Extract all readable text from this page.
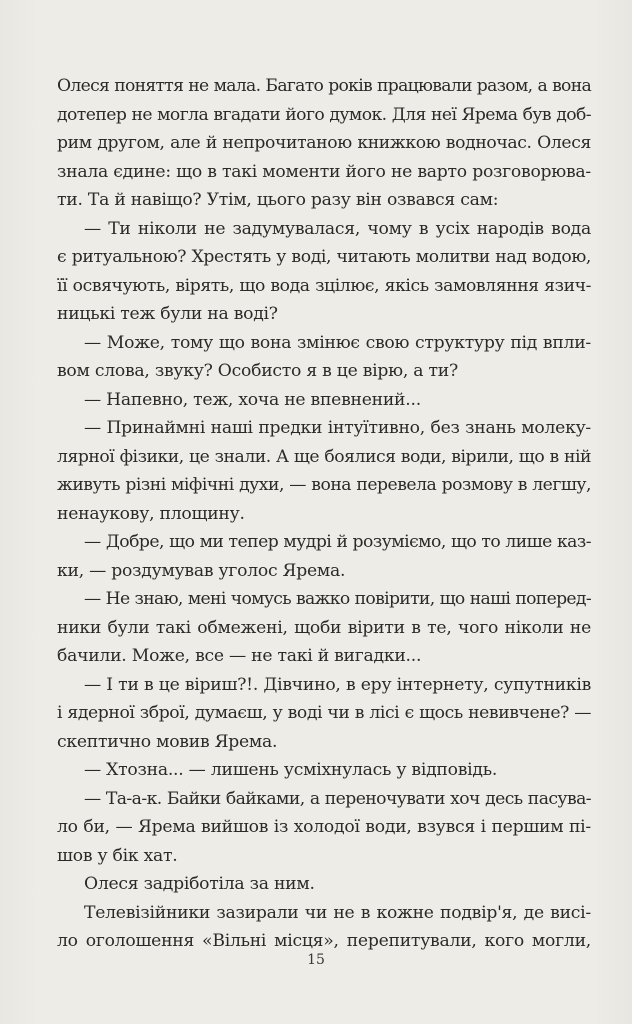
Олеся поняття не мала. Багато років працювали разом, а вона
дотепер не могла вгадати його думок. Для неї Ярема був доб-
рим другом, але й непрочитаною книжкою водночас. Олеся
знала єдине: що в такі моменти його не варто розговорюва-
ти. Та й навіщо? Утім, цього разу він озвався сам:
— Ти ніколи не задумувалася, чому в усіх народів вода
є ритуальною? Хрестять у воді, читають молитви над водою,
її освячують, вірять, що вода зцілює, якісь замовляння язич-
ницькі теж були на воді?
— Може, тому що вона змінює свою структуру під впли-
вом слова, звуку? Особисто я в це вірю, а ти?
— Напевно, теж, хоча не впевнений...
— Принаймні наші предки інтуїтивно, без знань молеку-
лярної фізики, це знали. А ще боялися води, вірили, що в ній
живуть різні міфічні духи, — вона перевела розмову в легшу,
ненаукову, площину.
— Добре, що ми тепер мудрі й розуміємо, що то лише каз-
ки, — роздумував уголос Ярема.
— Не знаю, мені чомусь важко повірити, що наші поперед-
ники були такі обмежені, щоби вірити в те, чого ніколи не
бачили. Може, все — не такі й вигадки...
— І ти в це віриш?!. Дівчино, в еру інтернету, супутників
і ядерної зброї, думаєш, у воді чи в лісі є щось невивчене? —
скептично мовив Ярема.
— Хтозна... — лишень усміхнулась у відповідь.
— Та-а-к. Байки байками, а переночувати хоч десь пасува-
ло би, — Ярема вийшов із холодої води, взувся і першим пі-
шов у бік хат.
Олеся задріботіла за ним.
Телевізійники зазирали чи не в кожне подвір'я, де висі-
ло оголошення «Вільні місця», перепитували, кого могли,
15
